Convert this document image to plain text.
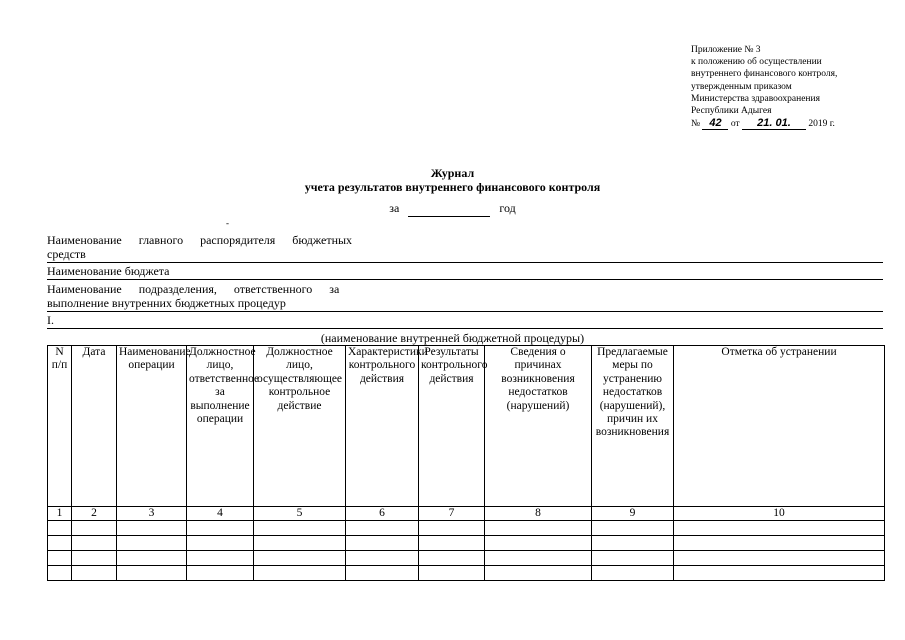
Приложение № 3
к положению об осуществлении
внутреннего финансового контроля,
утвержденным приказом
Министерства здравоохранения
Республики Адыгея
№ 42 от 21. 01. 2019 г.
Журнал
учета результатов внутреннего финансового контроля
за	год
-
Наименование главного распорядителя бюджетных
средств
Наименование бюджета
Наименование подразделения, ответственного за
выполнение внутренних бюджетных процедур
I.
(наименование внутренней бюджетной процедуры)
N п/п	Дата	Наименование операции	Должностное лицо, ответственное за выполнение операции	Должностное лицо, осуществляющее контрольное действие	Характеристики контрольного действия	Результаты контрольного действия	Сведения о причинах возникновения недостатков (нарушений)	Предлагаемые меры по устранению недостатков (нарушений), причин их возникновения	Отметка об устранении
1	2	3	4	5	6	7	8	9	10
